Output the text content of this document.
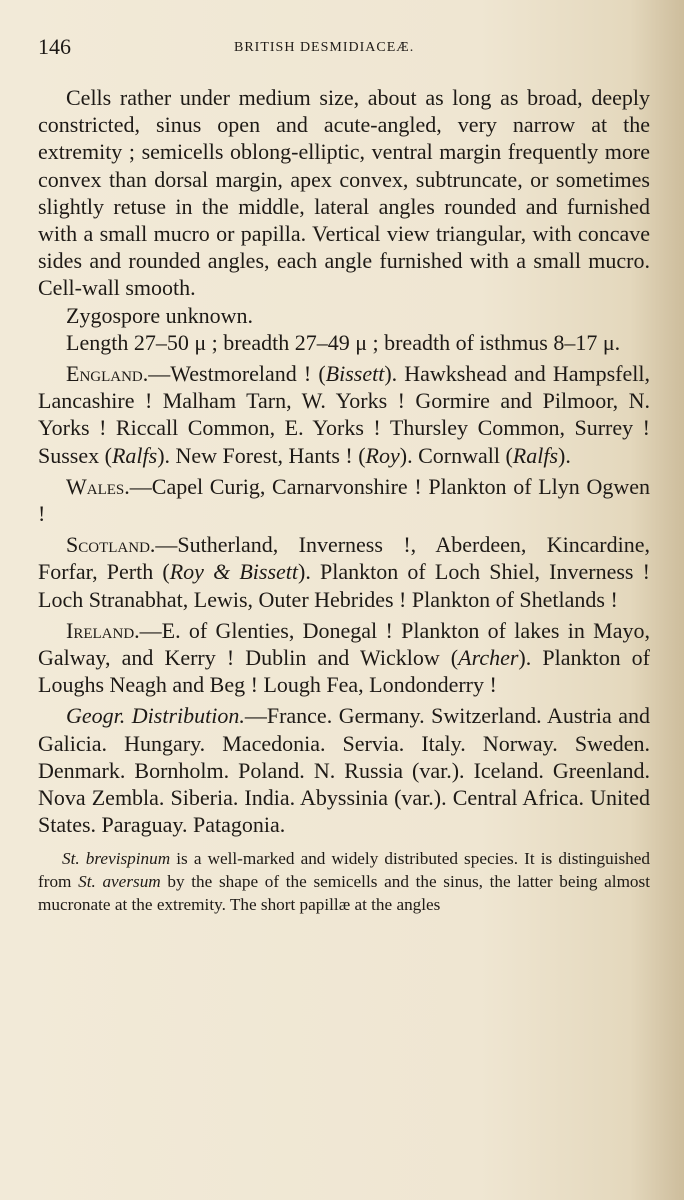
146	BRITISH DESMIDIACEÆ.

Cells rather under medium size, about as long as broad, deeply constricted, sinus open and acute-angled, very narrow at the extremity ; semicells oblong-elliptic, ventral margin frequently more convex than dorsal margin, apex convex, subtruncate, or sometimes slightly retuse in the middle, lateral angles rounded and furnished with a small mucro or papilla. Vertical view triangular, with concave sides and rounded angles, each angle furnished with a small mucro. Cell-wall smooth.

Zygospore unknown.

Length 27–50 μ ; breadth 27–49 μ ; breadth of isthmus 8–17 μ.

England.—Westmoreland ! (Bissett). Hawkshead and Hampsfell, Lancashire ! Malham Tarn, W. Yorks ! Gormire and Pilmoor, N. Yorks ! Riccall Common, E. Yorks ! Thursley Common, Surrey ! Sussex (Ralfs). New Forest, Hants ! (Roy). Cornwall (Ralfs).

Wales.—Capel Curig, Carnarvonshire ! Plankton of Llyn Ogwen !

Scotland.—Sutherland, Inverness !, Aberdeen, Kincardine, Forfar, Perth (Roy & Bissett). Plankton of Loch Shiel, Inverness ! Loch Stranabhat, Lewis, Outer Hebrides ! Plankton of Shetlands !

Ireland.—E. of Glenties, Donegal ! Plankton of lakes in Mayo, Galway, and Kerry ! Dublin and Wicklow (Archer). Plankton of Loughs Neagh and Beg ! Lough Fea, Londonderry !

Geogr. Distribution.—France. Germany. Switzerland. Austria and Galicia. Hungary. Macedonia. Servia. Italy. Norway. Sweden. Denmark. Bornholm. Poland. N. Russia (var.). Iceland. Greenland. Nova Zembla. Siberia. India. Abyssinia (var.). Central Africa. United States. Paraguay. Patagonia.

St. brevispinum is a well-marked and widely distributed species. It is distinguished from St. aversum by the shape of the semicells and the sinus, the latter being almost mucronate at the extremity. The short papillæ at the angles
